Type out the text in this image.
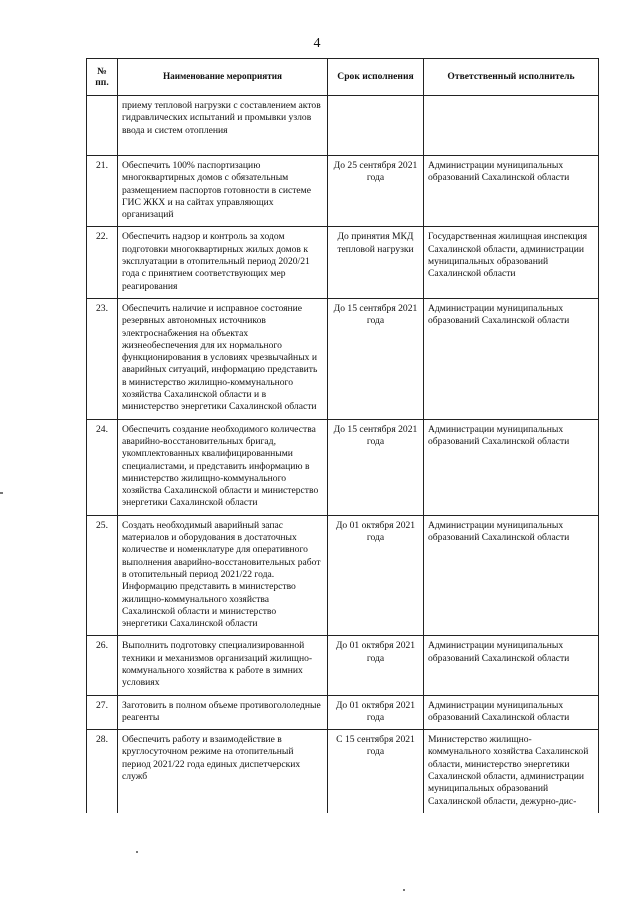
4
№ пп.	Наименование мероприятия	Срок исполнения	Ответственный исполнитель
	приему тепловой нагрузки с составлением актов гидравлических испытаний и промывки узлов ввода и систем отопления		
21.	Обеспечить 100% паспортизацию многоквартирных домов с обязательным размещением паспортов готовности в системе ГИС ЖКХ и на сайтах управляющих организаций	До 25 сентября 2021 года	Администрации муниципальных образований Сахалинской области
22.	Обеспечить надзор и контроль за ходом подготовки многоквартирных жилых домов к эксплуатации в отопительный период 2020/21 года с принятием соответствующих мер реагирования	До принятия МКД тепловой нагрузки	Государственная жилищная инспекция Сахалинской области, администрации муниципальных образований Сахалинской области
23.	Обеспечить наличие и исправное состояние резервных автономных источников электроснабжения на объектах жизнеобеспечения для их нормального функционирования в условиях чрезвычайных и аварийных ситуаций, информацию представить в министерство жилищно-коммунального хозяйства Сахалинской области и в министерство энергетики Сахалинской области	До 15 сентября 2021 года	Администрации муниципальных образований Сахалинской области
24.	Обеспечить создание необходимого количества аварийно-восстановительных бригад, укомплектованных квалифицированными специалистами, и представить информацию в министерство жилищно-коммунального хозяйства Сахалинской области и министерство энергетики Сахалинской области	До 15 сентября 2021 года	Администрации муниципальных образований Сахалинской области
25.	Создать необходимый аварийный запас материалов и оборудования в достаточных количестве и номенклатуре для оперативного выполнения аварийно-восстановительных работ в отопительный период 2021/22 года. Информацию представить в министерство жилищно-коммунального хозяйства Сахалинской области и министерство энергетики Сахалинской области	До 01 октября 2021 года	Администрации муниципальных образований Сахалинской области
26.	Выполнить подготовку специализированной техники и механизмов организаций жилищно-коммунального хозяйства к работе в зимних условиях	До 01 октября 2021 года	Администрации муниципальных образований Сахалинской области
27.	Заготовить в полном объеме противогололедные реагенты	До 01 октября 2021 года	Администрации муниципальных образований Сахалинской области
28.	Обеспечить работу и взаимодействие в круглосуточном режиме на отопительный период 2021/22 года единых диспетчерских служб	С 15 сентября 2021 года	Министерство жилищно-коммунального хозяйства Сахалинской области, министерство энергетики Сахалинской области, администрации муниципальных образований Сахалинской области, дежурно-дис-
